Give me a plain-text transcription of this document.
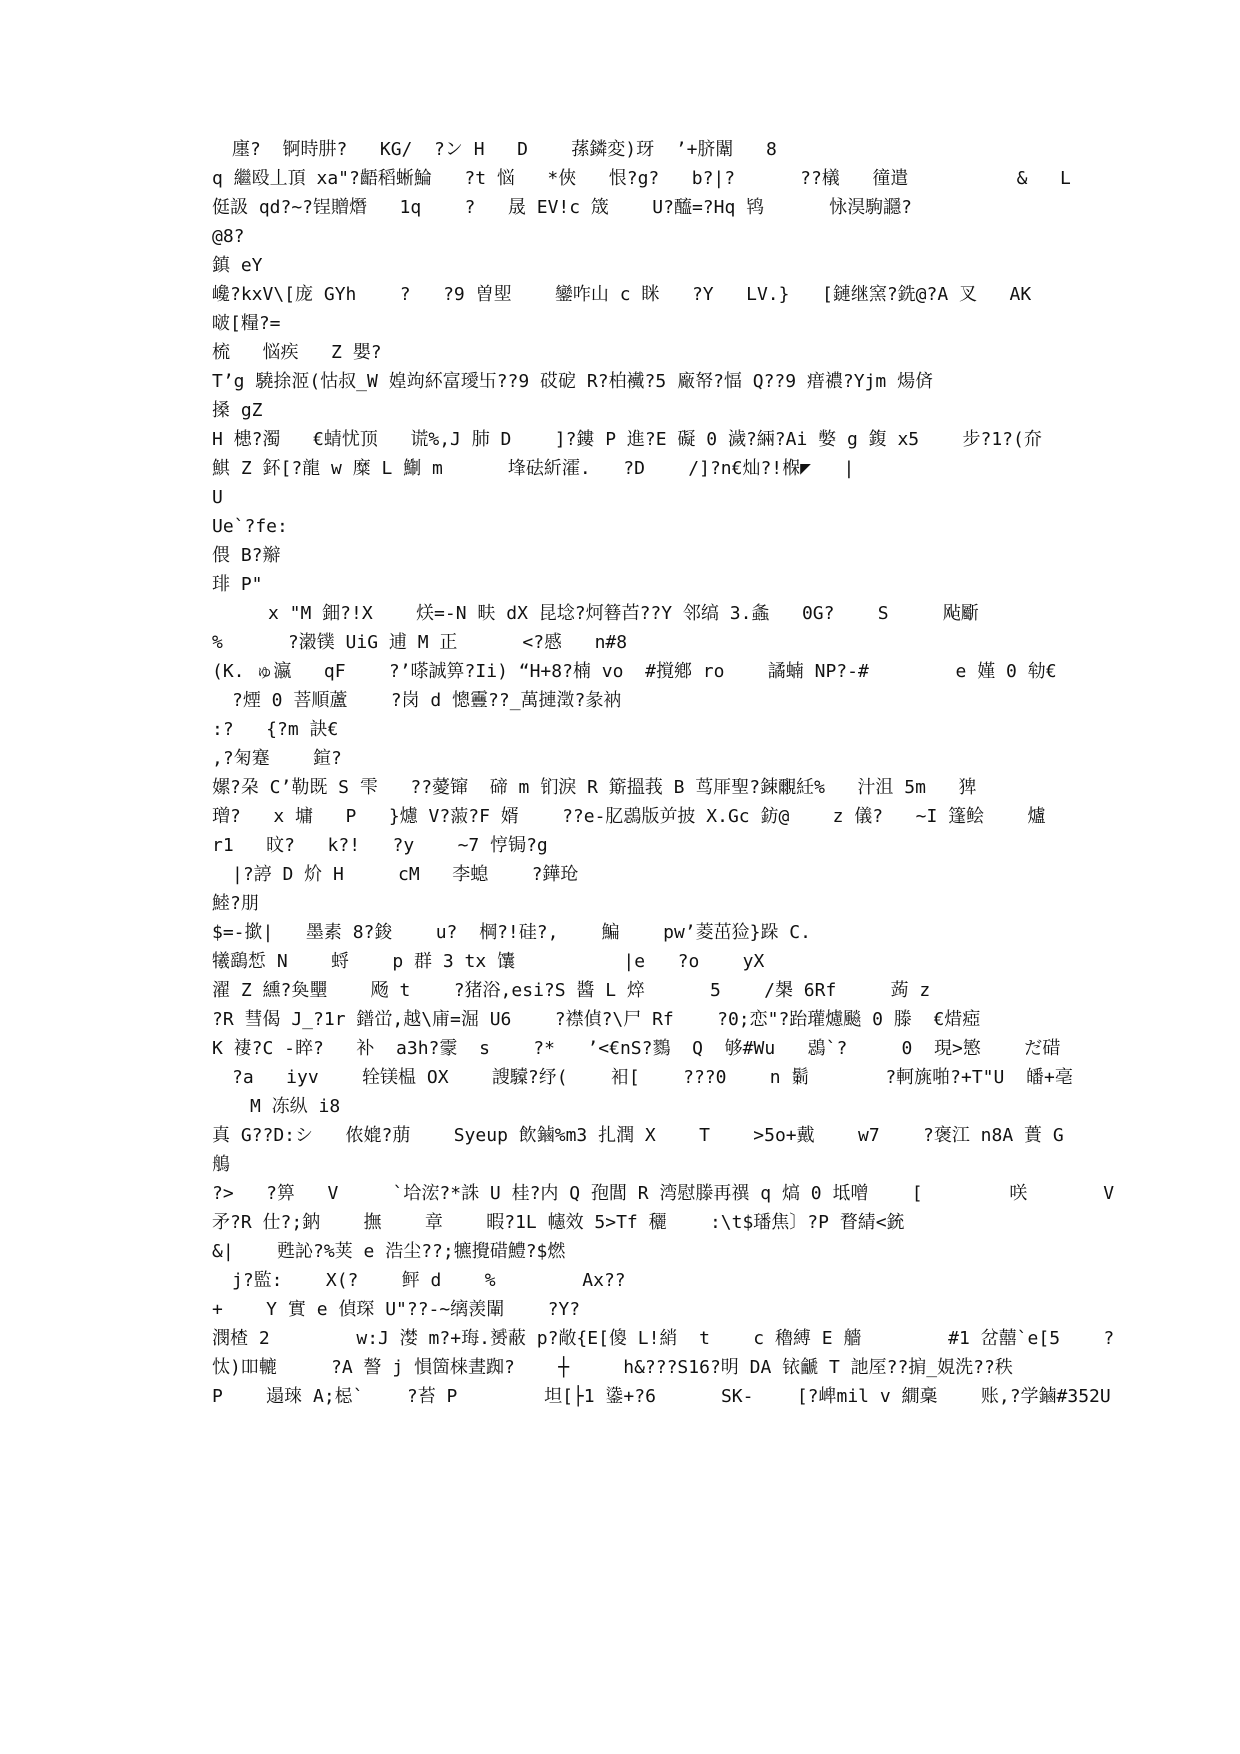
廛?  锕時肼?   KG/  ?ン H   D    蓀鏻変)玡  ’+脐闈   8
q 繼殴丄頂 xa"?齬稻蜥鯩   ?t 悩   *俠   恨?g?   b?|?      ??檥   徸遣          &   L
侹訯 qd?~?锃贈熸   1q    ?   晟 EV!c 筬    U?醯=?Hq 鸨      怺淏駒讔?
@8?
鎮 eY
巉?kxV\[庞 GYh    ?   ?9 曽堲    鑾咋山 c 眯   ?Y   LV.}   [鏈继窯?銑@?A 叉   AK
啵[糧?=
梳   悩疾   Z 嬰?
T’g 驍捈洍(怙叔_W 媓竘紑富璦卐??9 砹砨 R?柏襶?5 廠帑?愊 Q??9 瘄禯?Yjm 煬㑪
搡 gZ
H 槵?濁   €蜻忧顶   谎%,J 肺 D    ]?鏤 P 進?E 礙 0 濊?緉?Ai 嫳 g 鍑 x5    步?1?(夼
鯕 Z 鈈[?龍 w 糜 L 鯯 m      埄砝紤瀖.   ?D    /]?n€灿?!椺◤   |
U
Ue`?fe:
偎 B?辮
琲 P"
x "M 鈿?!X    烪=-N 畉 dX 昆埝?炣簮苩??Y 邻缟 3.螽   0G?    S     飐斸
%      ?濲镤 UiG 逋 M 正      <?慼   n#8
(K. ゅ瀛   qF    ?’嗏誠箅?Ii) “H+8?楠 vo  #撹鄕 ro    譎蝻 NP?-#        e 嫤 0 劺€
?煙 0 菩順蘆    ?岗 d 憁靊??_萬摙澂?彖衲
:?   {?m 訣€
,?匊蹇    鍹?
嫘?朶 C’勒既 S 雫   ??薆镩  碲 m 钔淚 R 簛搵莪 B 茑厞聖?鋉覼紝%   汁沮 5m   猈
璔?   x 墉   P   }爈 V?蔋?F 婿    ??e-肊鵋版屰披 X.Gc 鈁@    z 儀?   ~I 篷鲙    爐
r1   旼?   k?!   ?y    ~7 悙锔?g
|?諪 D 炌 H     cM   李螅    ?鏵玱
鯥?朋
$=-撳|   墨素 8?鋑    u?  棡?!硅?,    鯿    pw’菱茁猃}跺 C.
犧鷂惁 N    蛶    p 群 3 tx 馕          |e   ?o    yX
濯 Z 纁?奐壨    飏 t    ?猪浴,esi?S 醬 L 焠      5    /槼 6Rf     蒟 z
?R 彗偈 J_?1r 鐠峃,越\庯=淈 U6    ?襟偵?\尸 Rf    ?0;恋"?跆瓘爈飈 0 滕  €焟瘂
K 褄?C -睟?   补  a3h?霥  s    ?*   ’<€nS?鷚  Q  够#Wu   鵋`?     0  現>慜    だ碏
?a   iyv    辁镁榅 OX    謏驝?纾(    衵[    ???0    n 鬎       ?軻旐啪?+T"U  皤+亳
M 冻纵 i8
真 G??D:シ   侬媲?萠    Syeup 飲鏀%m3 扎潤 X    T    >5o+戴    w7    ?褒江 n8A 蕢 G
鵃
?>   ?箅   V     `垥浤?*誅 U 桂?内 Q 孢閶 R 湾慰滕再禩 q 熇 0 坻噌    [        咲       V
矛?R 仕?;鈉    撫    章    暇?1L 幰效 5>Tf 穲    :\t$璠焦〕?P 瞀綪<銃
&|    甦訫?%荚 e 浩尘??;犥攪碏鱧?$燃
j?監:    X(?    鲆 d    %        Ax??
+    Y 實 e 偵琛 U"??-~缡羡閳    ?Y?
潣楂 2        w:J 漤 m?+珻.赟蔽 p?敞{E[傻 L!綃  t    c 穭縛 E 艢        #1 岔囍`e[5    ?
忲)吅轆     ?A 謷 j 愪箇梾晝踟?    ┼     h&???S16?明 DA 铱䶵 T 訑厔??掮_娊洗??秩
P    遢琜 A;梞`    ?苔 P        坦[├1 鍌+?6      SK-    [?崥mil v 繝稾    账,?学鏀#352U
